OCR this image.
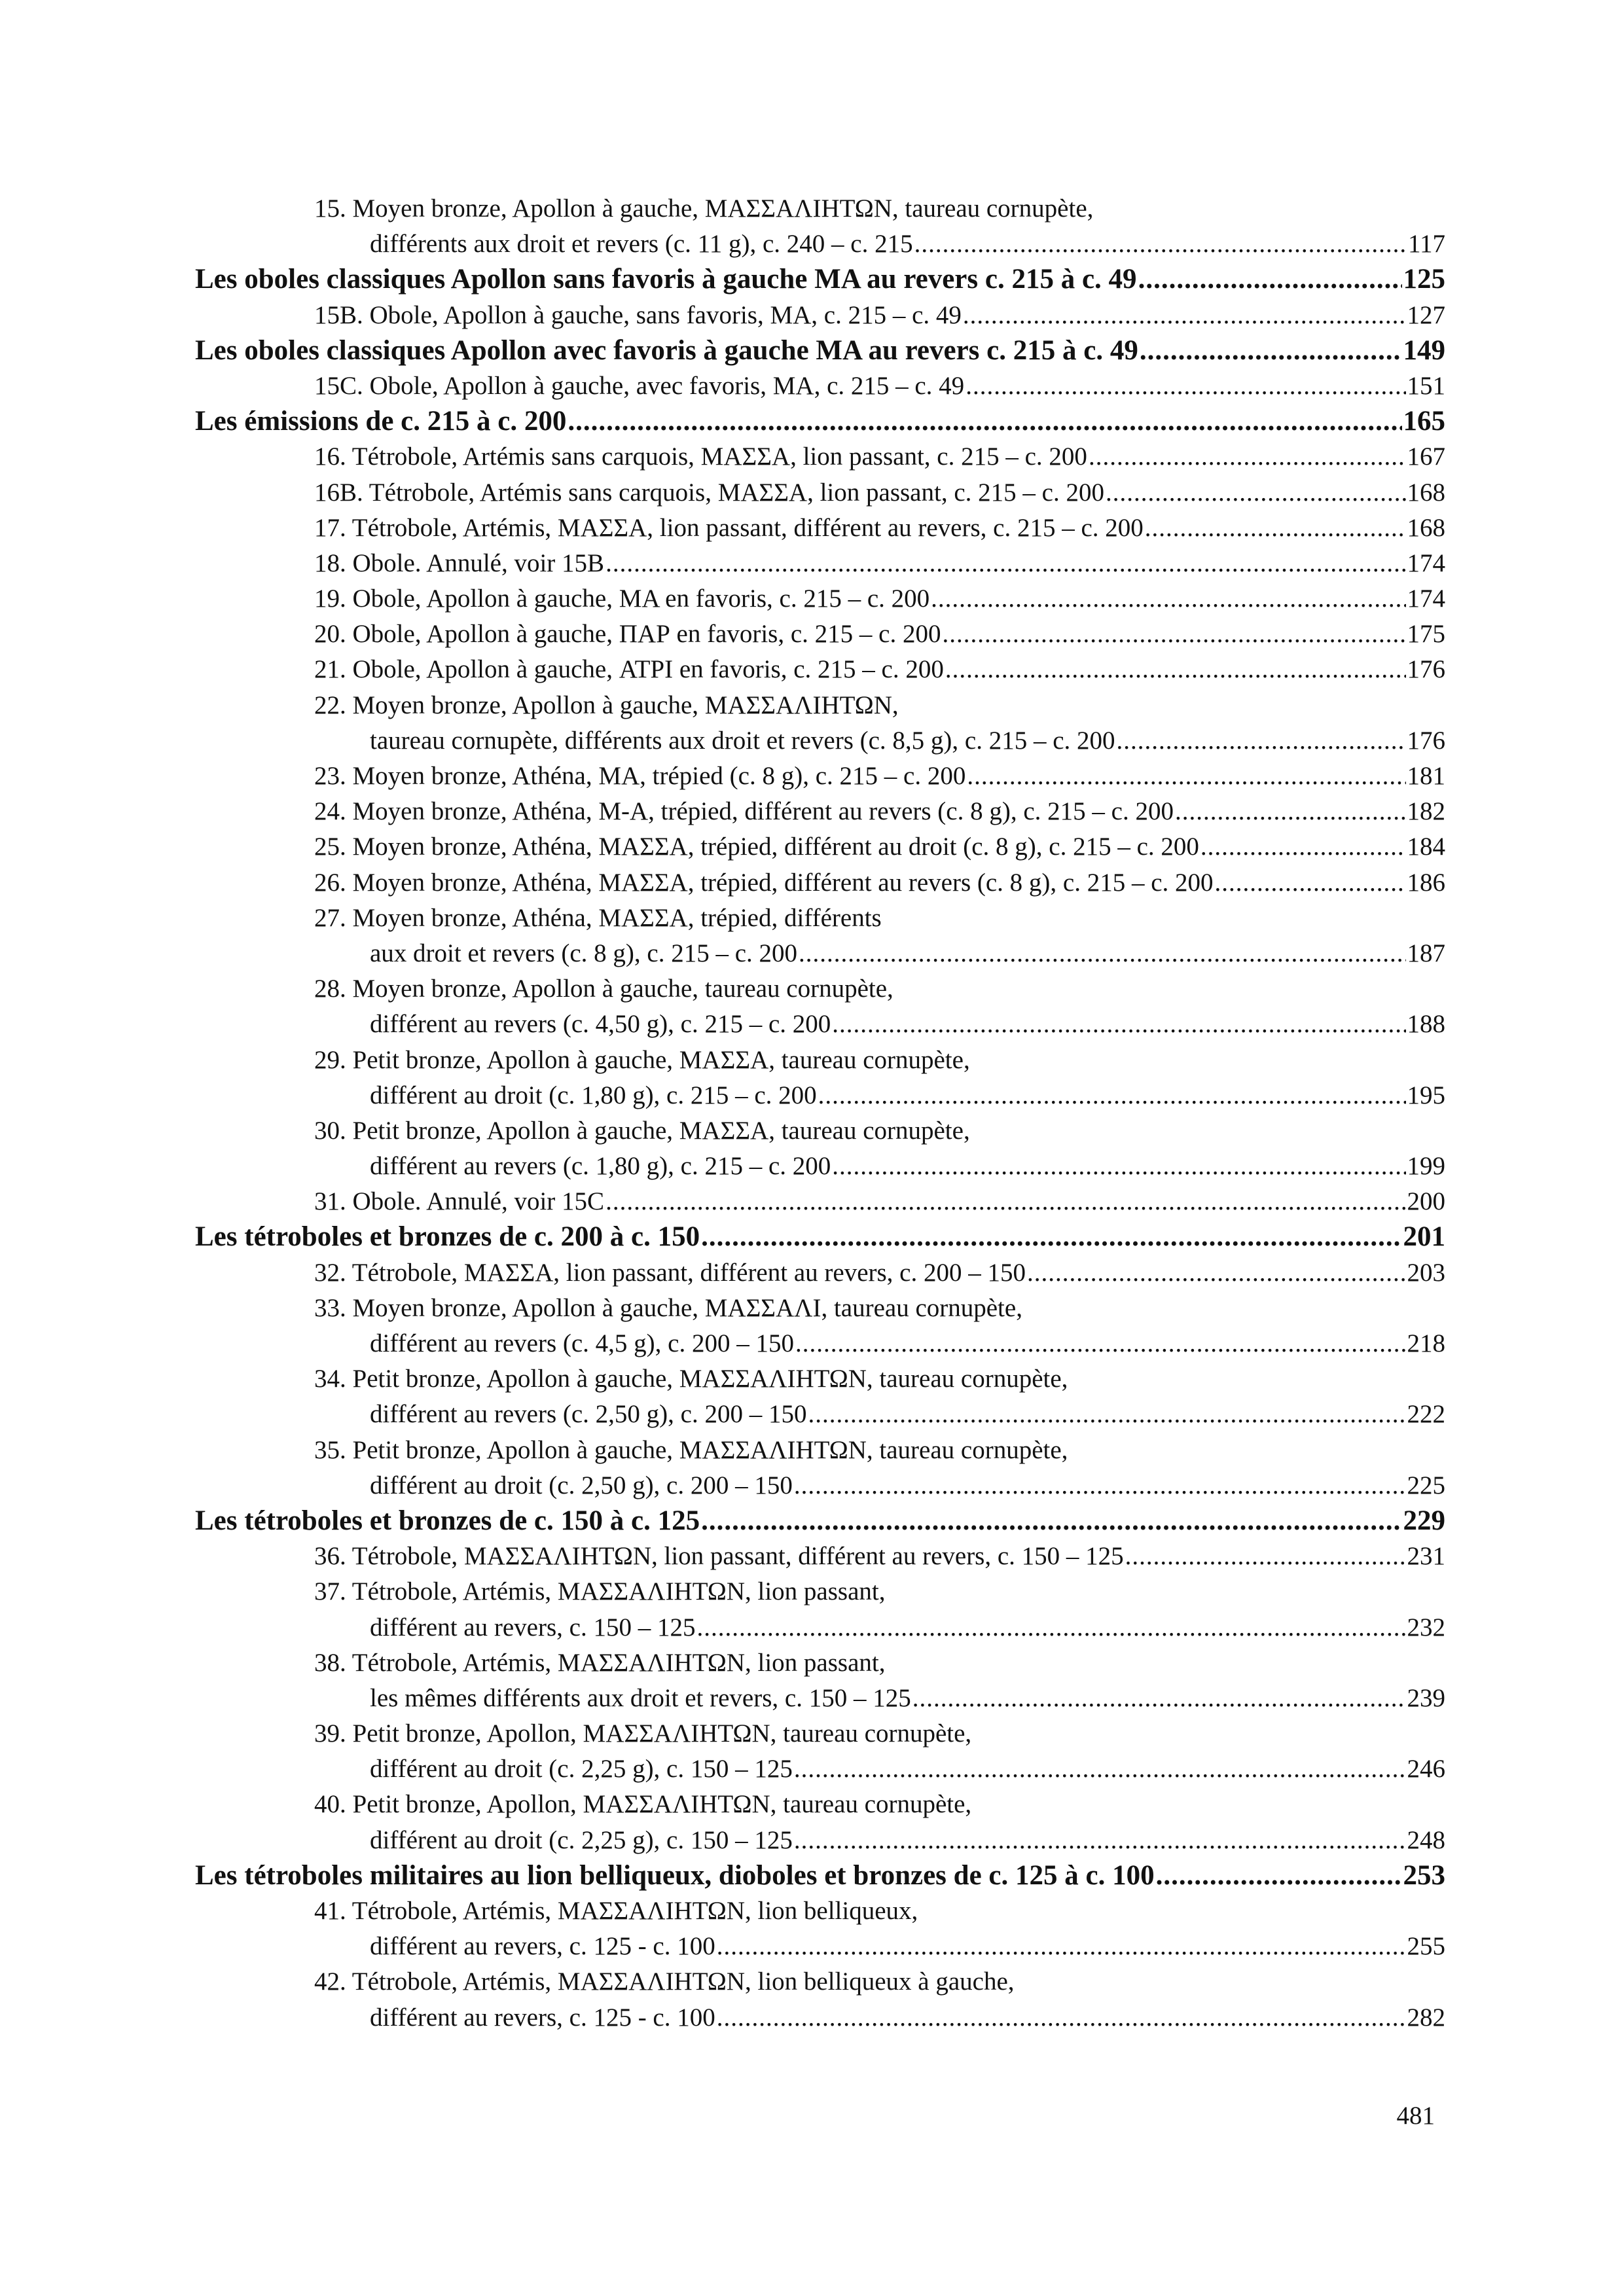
15. Moyen bronze, Apollon à gauche, ΜΑΣΣΑΛΙΗΤΩΝ, taureau cornupète,
différents aux droit et revers (c. 11 g), c. 240 – c. 215 .....	117
Les oboles classiques Apollon sans favoris à gauche MA au revers c. 215 à c. 49 .....	125
15B. Obole, Apollon à gauche, sans favoris, MA, c. 215 – c. 49 .....	127
Les oboles classiques Apollon avec favoris à gauche MA au revers c. 215 à c. 49 .....	149
15C. Obole, Apollon à gauche, avec favoris, MA, c. 215 – c. 49 .....	151
Les émissions de c. 215 à c. 200 .....	165
16. Tétrobole, Artémis sans carquois, ΜΑΣΣΑ, lion passant, c. 215 – c. 200 .....	167
16B. Tétrobole, Artémis sans carquois, ΜΑΣΣΑ, lion passant, c. 215 – c. 200 .....	168
17. Tétrobole, Artémis, ΜΑΣΣΑ, lion passant, différent au revers, c. 215 – c. 200 .....	168
18. Obole. Annulé, voir 15B .....	174
19. Obole, Apollon à gauche, MA en favoris, c. 215 – c. 200 .....	174
20. Obole, Apollon à gauche, ΠΑΡ en favoris, c. 215 – c. 200 .....	175
21. Obole, Apollon à gauche, ΑΤΡΙ en favoris, c. 215 – c. 200 .....	176
22. Moyen bronze, Apollon à gauche, ΜΑΣΣΑΛΙΗΤΩΝ,
taureau cornupète, différents aux droit et revers (c. 8,5 g), c. 215 – c. 200 .....	176
23. Moyen bronze, Athéna, MA, trépied (c. 8 g), c. 215 – c. 200 .....	181
24. Moyen bronze, Athéna, M-A, trépied, différent au revers (c. 8 g), c. 215 – c. 200 .....	182
25. Moyen bronze, Athéna, ΜΑΣΣΑ, trépied, différent au droit (c. 8 g), c. 215 – c. 200 .....	184
26. Moyen bronze, Athéna, ΜΑΣΣΑ, trépied, différent au revers (c. 8 g), c. 215 – c. 200 .....	186
27. Moyen bronze, Athéna, ΜΑΣΣΑ, trépied, différents
aux droit et revers (c. 8 g), c. 215 – c. 200 .....	187
28. Moyen bronze, Apollon à gauche, taureau cornupète,
différent au revers (c. 4,50 g), c. 215 – c. 200 .....	188
29. Petit bronze, Apollon à gauche, ΜΑΣΣΑ, taureau cornupète,
différent au droit (c. 1,80 g), c. 215 – c. 200 .....	195
30. Petit bronze, Apollon à gauche, ΜΑΣΣΑ, taureau cornupète,
différent au revers (c. 1,80 g), c. 215 – c. 200 .....	199
31. Obole. Annulé, voir 15C .....	200
Les tétroboles et bronzes de c. 200 à c. 150 .....	201
32. Tétrobole, ΜΑΣΣΑ, lion passant, différent au revers, c. 200 – 150 .....	203
33. Moyen bronze, Apollon à gauche, ΜΑΣΣΑΛΙ, taureau cornupète,
différent au revers (c. 4,5 g), c. 200 – 150 .....	218
34. Petit bronze, Apollon à gauche, ΜΑΣΣΑΛΙΗΤΩΝ, taureau cornupète,
différent au revers (c. 2,50 g), c. 200 – 150 .....	222
35. Petit bronze, Apollon à gauche, ΜΑΣΣΑΛΙΗΤΩΝ, taureau cornupète,
différent au droit (c. 2,50 g), c. 200 – 150 .....	225
Les tétroboles et bronzes de c. 150 à c. 125 .....	229
36. Tétrobole, ΜΑΣΣΑΛΙΗΤΩΝ, lion passant, différent au revers, c. 150 – 125 .....	231
37. Tétrobole, Artémis, ΜΑΣΣΑΛΙΗΤΩΝ, lion passant,
différent au revers, c. 150 – 125 .....	232
38. Tétrobole, Artémis, ΜΑΣΣΑΛΙΗΤΩΝ, lion passant,
les mêmes différents aux droit et revers, c. 150 – 125 .....	239
39. Petit bronze, Apollon, ΜΑΣΣΑΛΙΗΤΩΝ, taureau cornupète,
différent au droit (c. 2,25 g), c. 150 – 125 .....	246
40. Petit bronze, Apollon, ΜΑΣΣΑΛΙΗΤΩΝ, taureau cornupète,
différent au droit (c. 2,25 g), c. 150 – 125 .....	248
Les tétroboles militaires au lion belliqueux, dioboles et bronzes de c. 125 à c. 100 .....	253
41. Tétrobole, Artémis, ΜΑΣΣΑΛΙΗΤΩΝ, lion belliqueux,
différent au revers, c. 125 - c. 100 .....	255
42. Tétrobole, Artémis, ΜΑΣΣΑΛΙΗΤΩΝ, lion belliqueux à gauche,
différent au revers, c. 125 - c. 100 .....	282
481
